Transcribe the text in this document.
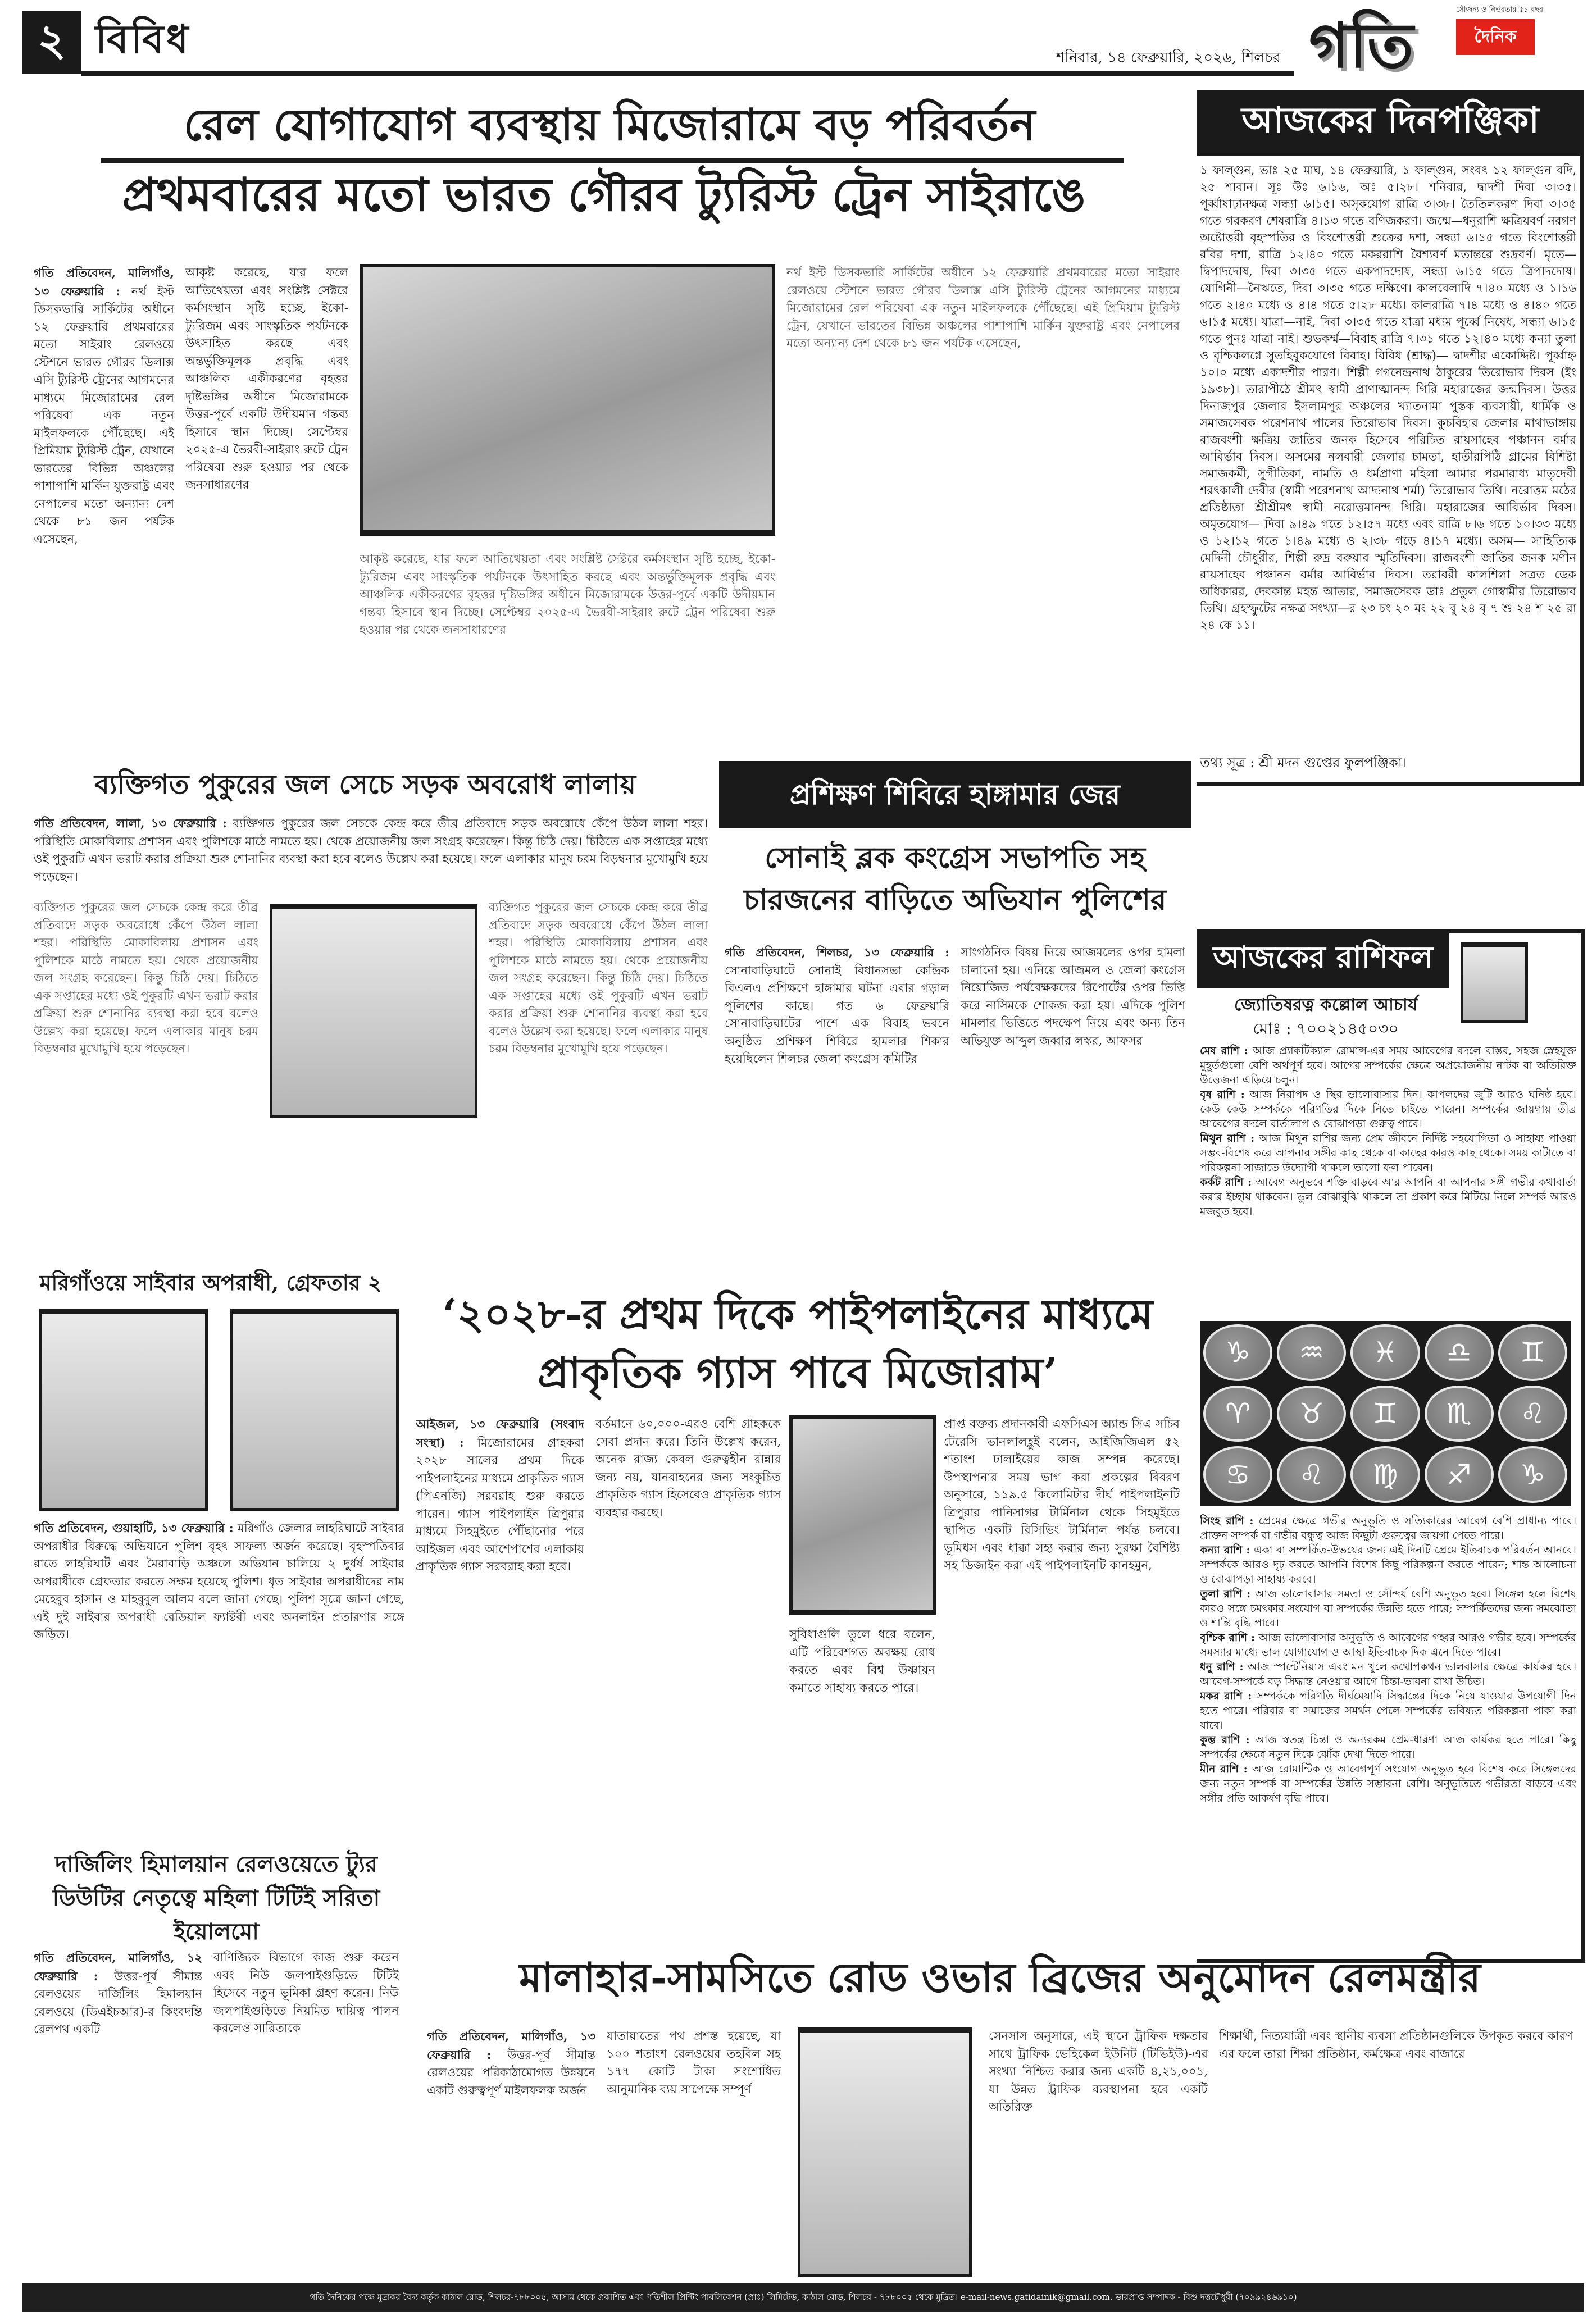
২ বিবিধ	শনিবার, ১৪ ফেব্রুয়ারি, ২০২৬, শিলচর গতি	সৌজন্য ও নির্ভরতার ৫১ বছর
দৈনিক
রেল যোগাযোগ ব্যবস্থায় মিজোরামে বড় পরিবর্তন
প্রথমবারের মতো ভারত গৌরব ট্যুরিস্ট ট্রেন সাইরাঙে
গতি প্রতিবেদন, মালিগাঁও, ১৩ ফেব্রুয়ারি : নর্থ ইস্ট ডিসকভারি সার্কিটের অধীনে ১২ ফেব্রুয়ারি প্রথমবারের মতো সাইরাং রেলওয়ে স্টেশনে ভারত গৌরব ডিলাক্স এসি ট্যুরিস্ট ট্রেনের আগমনের মাধ্যমে মিজোরামের রেল পরিষেবা এক নতুন মাইলফলকে পৌঁছেছে। এই প্রিমিয়াম ট্যুরিস্ট ট্রেন, যেখানে ভারতের বিভিন্ন অঞ্চলের পাশাপাশি মার্কিন যুক্তরাষ্ট্র এবং নেপালের মতো অন্যান্য দেশ থেকে ৮১ জন পর্যটক এসেছেন,
আকৃষ্ট করেছে, যার ফলে আতিথেয়তা এবং সংশ্লিষ্ট সেক্টরে কর্মসংস্থান সৃষ্টি হচ্ছে, ইকো-ট্যুরিজম এবং সাংস্কৃতিক পর্যটনকে উৎসাহিত করছে এবং অন্তর্ভুক্তিমূলক প্রবৃদ্ধি এবং আঞ্চলিক একীকরণের বৃহত্তর দৃষ্টিভঙ্গির অধীনে মিজোরামকে উত্তর-পূর্বে একটি উদীয়মান গন্তব্য হিসাবে স্থান দিচ্ছে। সেপ্টেম্বর ২০২৫-এ ভৈরবী-সাইরাং রুটে ট্রেন পরিষেবা শুরু হওয়ার পর থেকে জনসাধারণের
আকৃষ্ট করেছে, যার ফলে আতিথেয়তা এবং সংশ্লিষ্ট সেক্টরে কর্মসংস্থান সৃষ্টি হচ্ছে, ইকো-ট্যুরিজম এবং সাংস্কৃতিক পর্যটনকে উৎসাহিত করছে এবং অন্তর্ভুক্তিমূলক প্রবৃদ্ধি এবং আঞ্চলিক একীকরণের বৃহত্তর দৃষ্টিভঙ্গির অধীনে মিজোরামকে উত্তর-পূর্বে একটি উদীয়মান গন্তব্য হিসাবে স্থান দিচ্ছে। সেপ্টেম্বর ২০২৫-এ ভৈরবী-সাইরাং রুটে ট্রেন পরিষেবা শুরু হওয়ার পর থেকে জনসাধারণের
নর্থ ইস্ট ডিসকভারি সার্কিটের অধীনে ১২ ফেব্রুয়ারি প্রথমবারের মতো সাইরাং রেলওয়ে স্টেশনে ভারত গৌরব ডিলাক্স এসি ট্যুরিস্ট ট্রেনের আগমনের মাধ্যমে মিজোরামের রেল পরিষেবা এক নতুন মাইলফলকে পৌঁছেছে। এই প্রিমিয়াম ট্যুরিস্ট ট্রেন, যেখানে ভারতের বিভিন্ন অঞ্চলের পাশাপাশি মার্কিন যুক্তরাষ্ট্র এবং নেপালের মতো অন্যান্য দেশ থেকে ৮১ জন পর্যটক এসেছেন,
ব্যক্তিগত পুকুরের জল সেচে সড়ক অবরোধ লালায়
গতি প্রতিবেদন, লালা, ১৩ ফেব্রুয়ারি : ব্যক্তিগত পুকুরের জল সেচকে কেন্দ্র করে তীব্র প্রতিবাদে সড়ক অবরোধে কেঁপে উঠল লালা শহর। পরিস্থিতি মোকাবিলায় প্রশাসন এবং পুলিশকে মাঠে নামতে হয়। থেকে প্রয়োজনীয় জল সংগ্রহ করেছেন। কিন্তু চিঠি দেয়। চিঠিতে এক সপ্তাহের মধ্যে ওই পুকুরটি এখন ভরাট করার প্রক্রিয়া শুরু শোনানির ব্যবস্থা করা হবে বলেও উল্লেখ করা হয়েছে। ফলে এলাকার মানুষ চরম বিড়ম্বনার মুখোমুখি হয়ে পড়েছেন।
ব্যক্তিগত পুকুরের জল সেচকে কেন্দ্র করে তীব্র প্রতিবাদে সড়ক অবরোধে কেঁপে উঠল লালা শহর। পরিস্থিতি মোকাবিলায় প্রশাসন এবং পুলিশকে মাঠে নামতে হয়। থেকে প্রয়োজনীয় জল সংগ্রহ করেছেন। কিন্তু চিঠি দেয়। চিঠিতে এক সপ্তাহের মধ্যে ওই পুকুরটি এখন ভরাট করার প্রক্রিয়া শুরু শোনানির ব্যবস্থা করা হবে বলেও উল্লেখ করা হয়েছে। ফলে এলাকার মানুষ চরম বিড়ম্বনার মুখোমুখি হয়ে পড়েছেন।
ব্যক্তিগত পুকুরের জল সেচকে কেন্দ্র করে তীব্র প্রতিবাদে সড়ক অবরোধে কেঁপে উঠল লালা শহর। পরিস্থিতি মোকাবিলায় প্রশাসন এবং পুলিশকে মাঠে নামতে হয়। থেকে প্রয়োজনীয় জল সংগ্রহ করেছেন। কিন্তু চিঠি দেয়। চিঠিতে এক সপ্তাহের মধ্যে ওই পুকুরটি এখন ভরাট করার প্রক্রিয়া শুরু শোনানির ব্যবস্থা করা হবে বলেও উল্লেখ করা হয়েছে। ফলে এলাকার মানুষ চরম বিড়ম্বনার মুখোমুখি হয়ে পড়েছেন।
প্রশিক্ষণ শিবিরে হাঙ্গামার জের
সোনাই ব্লক কংগ্রেস সভাপতি সহ চারজনের বাড়িতে অভিযান পুলিশের
গতি প্রতিবেদন, শিলচর, ১৩ ফেব্রুয়ারি : সোনাবাড়িঘাটে সোনাই বিধানসভা কেন্দ্রিক বিএলএ প্রশিক্ষণে হাঙ্গামার ঘটনা এবার গড়াল পুলিশের কাছে। গত ৬ ফেব্রুয়ারি সোনাবাড়িঘাটের পাশে এক বিবাহ ভবনে অনুষ্ঠিত প্রশিক্ষণ শিবিরে হামলার শিকার হয়েছিলেন শিলচর জেলা কংগ্রেস কমিটির
সাংগঠনিক বিষয় নিয়ে আজমলের ওপর হামলা চালানো হয়। এনিয়ে আজমল ও জেলা কংগ্রেস নিয়োজিত পর্যবেক্ষকদের রিপোর্টের ওপর ভিত্তি করে নাসিমকে শোকজ করা হয়। এদিকে পুলিশ মামলার ভিত্তিতে পদক্ষেপ নিয়ে এবং অন্য তিন অভিযুক্ত আব্দুল জব্বার লস্কর, আফসর
মরিগাঁওয়ে সাইবার অপরাধী, গ্রেফতার ২
গতি প্রতিবেদন, গুয়াহাটি, ১৩ ফেব্রুয়ারি : মরিগাঁও জেলার লাহরিঘাটে সাইবার অপরাধীর বিরুদ্ধে অভিযানে পুলিশ বৃহৎ সাফল্য অর্জন করেছে। বৃহস্পতিবার রাতে লাহরিঘাট এবং মৈরাবাড়ি অঞ্চলে অভিযান চালিয়ে ২ দুর্ধর্ষ সাইবার অপরাধীকে গ্রেফতার করতে সক্ষম হয়েছে পুলিশ। ধৃত সাইবার অপরাধীদের নাম মেহেবুব হাসান ও মাহবুবুল আলম বলে জানা গেছে। পুলিশ সূত্রে জানা গেছে, এই দুই সাইবার অপরাধী রেডিয়াল ফ্যাক্টরী এবং অনলাইন প্রতারণার সঙ্গে জড়িত।
‘২০২৮-র প্রথম দিকে পাইপলাইনের মাধ্যমে প্রাকৃতিক গ্যাস পাবে মিজোরাম’
আইজল, ১৩ ফেব্রুয়ারি (সংবাদ সংস্থা) : মিজোরামের গ্রাহকরা ২০২৮ সালের প্রথম দিকে পাইপলাইনের মাধ্যমে প্রাকৃতিক গ্যাস (পিএনজি) সরবরাহ শুরু করতে পারেন। গ্যাস পাইপলাইন ত্রিপুরার মাধ্যমে সিহমুইতে পৌঁছানোর পরে আইজল এবং আশেপাশের এলাকায় প্রাকৃতিক গ্যাস সরবরাহ করা হবে।
বর্তমানে ৬০,০০০-এরও বেশি গ্রাহককে সেবা প্রদান করে। তিনি উল্লেখ করেন, অনেক রাজ্য কেবল গুরুত্বহীন রান্নার জন্য নয়, যানবাহনের জন্য সংকুচিত প্রাকৃতিক গ্যাস হিসেবেও প্রাকৃতিক গ্যাস ব্যবহার করছে।
সুবিধাগুলি তুলে ধরে বলেন, এটি পরিবেশগত অবক্ষয় রোধ করতে এবং বিশ্ব উষ্ণায়ন কমাতে সাহায্য করতে পারে।
প্রাপ্ত বক্তব্য প্রদানকারী এফসিএস অ্যান্ড সিএ সচিব টেরেসি ভানলালহ্লুই বলেন, আইজিজিএল ৫২ শতাংশ ঢালাইয়ের কাজ সম্পন্ন করেছে। উপস্থাপনার সময় ভাগ করা প্রকল্পের বিবরণ অনুসারে, ১১৯.৫ কিলোমিটার দীর্ঘ পাইপলাইনটি ত্রিপুরার পানিসাগর টার্মিনাল থেকে সিহমুইতে স্থাপিত একটি রিসিভিং টার্মিনাল পর্যন্ত চলবে। ভূমিধস এবং ধাক্কা সহ্য করার জন্য সুরক্ষা বৈশিষ্ট্য সহ ডিজাইন করা এই পাইপলাইনটি কানহমুন,
দার্জিলিং হিমালয়ান রেলওয়েতে ট্যুর ডিউটির নেতৃত্বে মহিলা টিটিই সরিতা ইয়োলমো
গতি প্রতিবেদন, মালিগাঁও, ১২ ফেব্রুয়ারি : উত্তর-পূর্ব সীমান্ত রেলওয়ের দার্জিলিং হিমালয়ান রেলওয়ে (ডিএইচআর)-র কিংবদন্তি রেলপথ একটি
বাণিজ্যিক বিভাগে কাজ শুরু করেন এবং নিউ জলপাইগুড়িতে টিটিই হিসেবে নতুন ভূমিকা গ্রহণ করেন। নিউ জলপাইগুড়িতে নিয়মিত দায়িত্ব পালন করলেও সারিতাকে
মালাহার-সামসিতে রোড ওভার ব্রিজের অনুমোদন রেলমন্ত্রীর
গতি প্রতিবেদন, মালিগাঁও, ১৩ ফেব্রুয়ারি : উত্তর-পূর্ব সীমান্ত রেলওয়ের পরিকাঠামোগত উন্নয়নে একটি গুরুত্বপূর্ণ মাইলফলক অর্জন
যাতায়াতের পথ প্রশস্ত হয়েছে, যা ১০০ শতাংশ রেলওয়ের তহবিল সহ ১৭৭ কোটি টাকা সংশোধিত আনুমানিক ব্যয় সাপেক্ষে সম্পূর্ণ
সেনসাস অনুসারে, এই স্থানে ট্রাফিক দক্ষতার সাথে ট্রাফিক ভেহিকেল ইউনিট (টিভিইউ)-এর সংখ্যা নিশ্চিত করার জন্য একটি ৪,২১,০০১, যা উন্নত ট্রাফিক ব্যবস্থাপনা হবে একটি অতিরিক্ত
শিক্ষার্থী, নিত্যযাত্রী এবং স্থানীয় ব্যবসা প্রতিষ্ঠানগুলিকে উপকৃত করবে কারণ এর ফলে তারা শিক্ষা প্রতিষ্ঠান, কর্মক্ষেত্র এবং বাজারে
আজকের দিনপঞ্জিকা
১ ফাল্গুন, ভাঃ ২৫ মাঘ, ১৪ ফেব্রুয়ারি, ১ ফাল্গুন, সংবৎ ১২ ফাল্গুন বদি, ২৫ শাবান। সূঃ উঃ ৬।১৬, অঃ ৫।২৮। শনিবার, দ্বাদশী দিবা ৩।৩৫। পূর্ব্বাষাঢ়ানক্ষত্র সন্ধ্যা ৬।১৫। অসৃকযোগ রাত্রি ৩।৩৮। তৈতিলকরণ দিবা ৩।৩৫ গতে গরকরণ শেষরাত্রি ৪।১৩ গতে বণিজকরণ। জন্মে—ধনুরাশি ক্ষত্রিয়বর্ণ নরগণ অষ্টোত্তরী বৃহস্পতির ও বিংশোত্তরী শুক্রের দশা, সন্ধ্যা ৬।১৫ গতে বিংশোত্তরী রবির দশা, রাত্রি ১২।৪০ গতে মকররাশি বৈশ্যবর্ণ মতান্তরে শুদ্রবর্ণ। মৃতে—দ্বিপাদদোষ, দিবা ৩।৩৫ গতে একপাদদোষ, সন্ধ্যা ৬।১৫ গতে ত্রিপাদদোষ। যোগিনী—নৈঋতে, দিবা ৩।৩৫ গতে দক্ষিণে। কালবেলাদি ৭।৪০ মধ্যে ও ১।১৬ গতে ২।৪০ মধ্যে ও ৪।৪ গতে ৫।২৮ মধ্যে। কালরাত্রি ৭।৪ মধ্যে ও ৪।৪০ গতে ৬।১৫ মধ্যে। যাত্রা—নাই, দিবা ৩।৩৫ গতে যাত্রা মধ্যম পূর্ব্বে নিষেধ, সন্ধ্যা ৬।১৫ গতে পুনঃ যাত্রা নাই। শুভকর্ম্ম—বিবাহ রাত্রি ৭।৩১ গতে ১২।৪০ মধ্যে কন্যা তুলা ও বৃশ্চিকলগ্নে সুতহিবুকযোগে বিবাহ। বিবিধ (শ্রাদ্ধ)— দ্বাদশীর একোদ্দিষ্ট। পূর্ব্বাহ্ন ১০।০ মধ্যে একাদশীর পারণ। শিল্পী গগনেন্দ্রনাথ ঠাকুরের তিরোভাব দিবস (ইং ১৯৩৮)। তারাপীঠে শ্রীমৎ স্বামী প্রাণাত্মানন্দ গিরি মহারাজের জন্মদিবস। উত্তর দিনাজপুর জেলার ইসলামপুর অঞ্চলের খ্যাতনামা পুস্তক ব্যবসায়ী, ধার্মিক ও সমাজসেবক পরেশনাথ পালের তিরোভাব দিবস। কুচবিহার জেলার মাথাভাঙ্গায় রাজবংশী ক্ষত্রিয় জাতির জনক হিসেবে পরিচিত রায়সাহেব পঞ্চানন বর্মার আবির্ভাব দিবস। অসমের নলবারী জেলার চামতা, হাতীরপিঠি গ্রামের বিশিষ্টা সমাজকর্মী, সুগীতিকা, নামতি ও ধর্মপ্রাণা মহিলা আমার পরমারাধ্য মাতৃদেবী শরৎকালী দেবীর (স্বামী পরেশনাথ আদ্যনাথ শর্মা) তিরোভাব তিথি। নরোত্তম মঠের প্রতিষ্ঠাতা শ্রীশ্রীমৎ স্বামী নরোত্তমানন্দ গিরি। মহারাজের আবির্ভাব দিবস। অমৃতযোগ— দিবা ৯।৪৯ গতে ১২।৫৭ মধ্যে এবং রাত্রি ৮।৬ গতে ১০।৩৩ মধ্যে ও ১২।১২ গতে ১।৪৯ মধ্যে ও ২।৩৮ গড়ে ৪।১৭ মধ্যে। অসম— সাহিত্যিক মেদিনী চৌধুরীর, শিল্পী রুদ্র বরুয়ার স্মৃতিদিবস। রাজবংশী জাতির জনক মণীন রায়সাহেব পঞ্চানন বর্মার আবির্ভাব দিবস। তরাবরী কালশিলা সত্রত ডেক অধিকারর, দেবকান্ত মহন্ত আতার, সমাজসেবক ডাঃ প্রতুল গোস্বামীর তিরোভাব তিথি। গ্রহস্ফুটের নক্ষত্র সংখ্যা—র ২৩ চং ২০ মং ২২ বু ২৪ বৃ ৭ শু ২৪ শ ২৫ রা ২৪ কে ১১।
তথ্য সূত্র : শ্রী মদন গুপ্তের ফুলপঞ্জিকা।
আজকের রাশিফল
জ্যোতিষরত্ন কল্লোল আচার্য
মোঃ : ৭০০২১৪৫০৩০

মেষ রাশি : আজ প্র্যাকটিক্যাল রোমান্স-এর সময় আবেগের বদলে বাস্তব, সহজ স্নেহযুক্ত মুহূর্তগুলো বেশি অর্থপূর্ণ হবে। আগের সম্পর্কের ক্ষেত্রে অপ্রয়োজনীয় নাটক বা অতিরিক্ত উত্তেজনা এড়িয়ে চলুন।

বৃষ রাশি : আজ নিরাপদ ও স্থির ভালোবাসার দিন। কাপলদের জুটি আরও ঘনিষ্ঠ হবে। কেউ কেউ সম্পর্ককে পরিণতির দিকে নিতে চাইতে পারেন। সম্পর্কের জায়গায় তীব্র আবেগের বদলে বার্তালাপ ও বোঝাপড়া গুরুত্ব পাবে।

মিথুন রাশি : আজ মিথুন রাশির জন্য প্রেম জীবনে নির্দিষ্ট সহযোগিতা ও সাহায্য পাওয়া সম্ভব-বিশেষ করে আপনার সঙ্গীর কাছ থেকে বা কাছের কারও কাছ থেকে। সময় কাটাতে বা পরিকল্পনা সাজাতে উদ্যোগী থাকলে ভালো ফল পাবেন।

কর্কট রাশি : আবেগ অনুভবে শক্তি বাড়বে আর আপনি বা আপনার সঙ্গী গভীর কথাবার্তা করার ইচ্ছায় থাকবেন। ভুল বোঝাবুঝি থাকলে তা প্রকাশ করে মিটিয়ে নিলে সম্পর্ক আরও মজবুত হবে।

♑	♒	♓	♎	♊
♈	♉	♊	♏	♌
♋	♌	♍	♐	♑

সিংহ রাশি : প্রেমের ক্ষেত্রে গভীর অনুভূতি ও সত্যিকারের আবেগ বেশি প্রাধান্য পাবে। প্রাক্তন সম্পর্ক বা গভীর বন্ধুত্ব আজ কিছুটা গুরুত্বের জায়গা পেতে পারে।

কন্যা রাশি : একা বা সম্পর্কিত-উভয়ের জন্য এই দিনটি প্রেমে ইতিবাচক পরিবর্তন আনবে। সম্পর্ককে আরও দৃঢ় করতে আপনি বিশেষ কিছু পরিকল্পনা করতে পারেন; শান্ত আলোচনা ও বোঝাপড়া সাহায্য করবে।

তুলা রাশি : আজ ভালোবাসার সমতা ও সৌন্দর্য বেশি অনুভূত হবে। সিঙ্গেল হলে বিশেষ কারও সঙ্গে চমৎকার সংযোগ বা সম্পর্কের উন্নতি হতে পারে; সম্পর্কিতদের জন্য সমঝোতা ও শান্তি বৃদ্ধি পাবে।

বৃশ্চিক রাশি : আজ ভালোবাসার অনুভূতি ও আবেগের গহ্বর আরও গভীর হবে। সম্পর্কের সমস্যার মাধ্যে ভাল যোগাযোগ ও আস্থা ইতিবাচক দিক এনে দিতে পারে।

ধনু রাশি : আজ স্পন্টেনিয়াস এবং মন খুলে কথোপকথন ভালবাসার ক্ষেত্রে কার্যকর হবে। আবেগ-সম্পর্কে বড় সিদ্ধান্ত নেওয়ার আগে চিন্তা-ভাবনা রাখা উচিত।

মকর রাশি : সম্পর্ককে পরিণতি দীর্ঘমেয়াদি সিদ্ধান্তের দিকে নিয়ে যাওয়ার উপযোগী দিন হতে পারে। পরিবার বা সমাজের সমর্থন পেলে সম্পর্কের ভবিষ্যত পরিকল্পনা পাকা করা যাবে।

কুম্ভ রাশি : আজ স্বতন্ত্র চিন্তা ও অন্যরকম প্রেম-ধারণা আজ কার্যকর হতে পারে। কিছু সম্পর্কের ক্ষেত্রে নতুন দিকে ঝোঁক দেখা দিতে পারে।

মীন রাশি : আজ রোমান্টিক ও আবেগপূর্ণ সংযোগ অনুভূত হবে বিশেষ করে সিঙ্গেলদের জন্য নতুন সম্পর্ক বা সম্পর্কের উন্নতি সম্ভাবনা বেশি। অনুভূতিতে গভীরতা বাড়বে এবং সঙ্গীর প্রতি আকর্ষণ বৃদ্ধি পাবে।

গতি দৈনিকের পক্ষে মুদ্রাকর বৈদ্য কর্তৃক কাঠাল রোড, শিলচর-৭৮৮০০৫, আসাম থেকে প্রকাশিত এবং গতিশীল প্রিন্টিং পাবলিকেশন (প্রাঃ) লিমিটেড, কাঠাল রোড, শিলচর - ৭৮৮০০৫ থেকে মুদ্রিত। e-mail-news.gatidainik@gmail.com. ভারপ্রাপ্ত সম্পাদক - বিশু দত্তচৌধুরী (৭০৯৯২৪৬৯১০)
